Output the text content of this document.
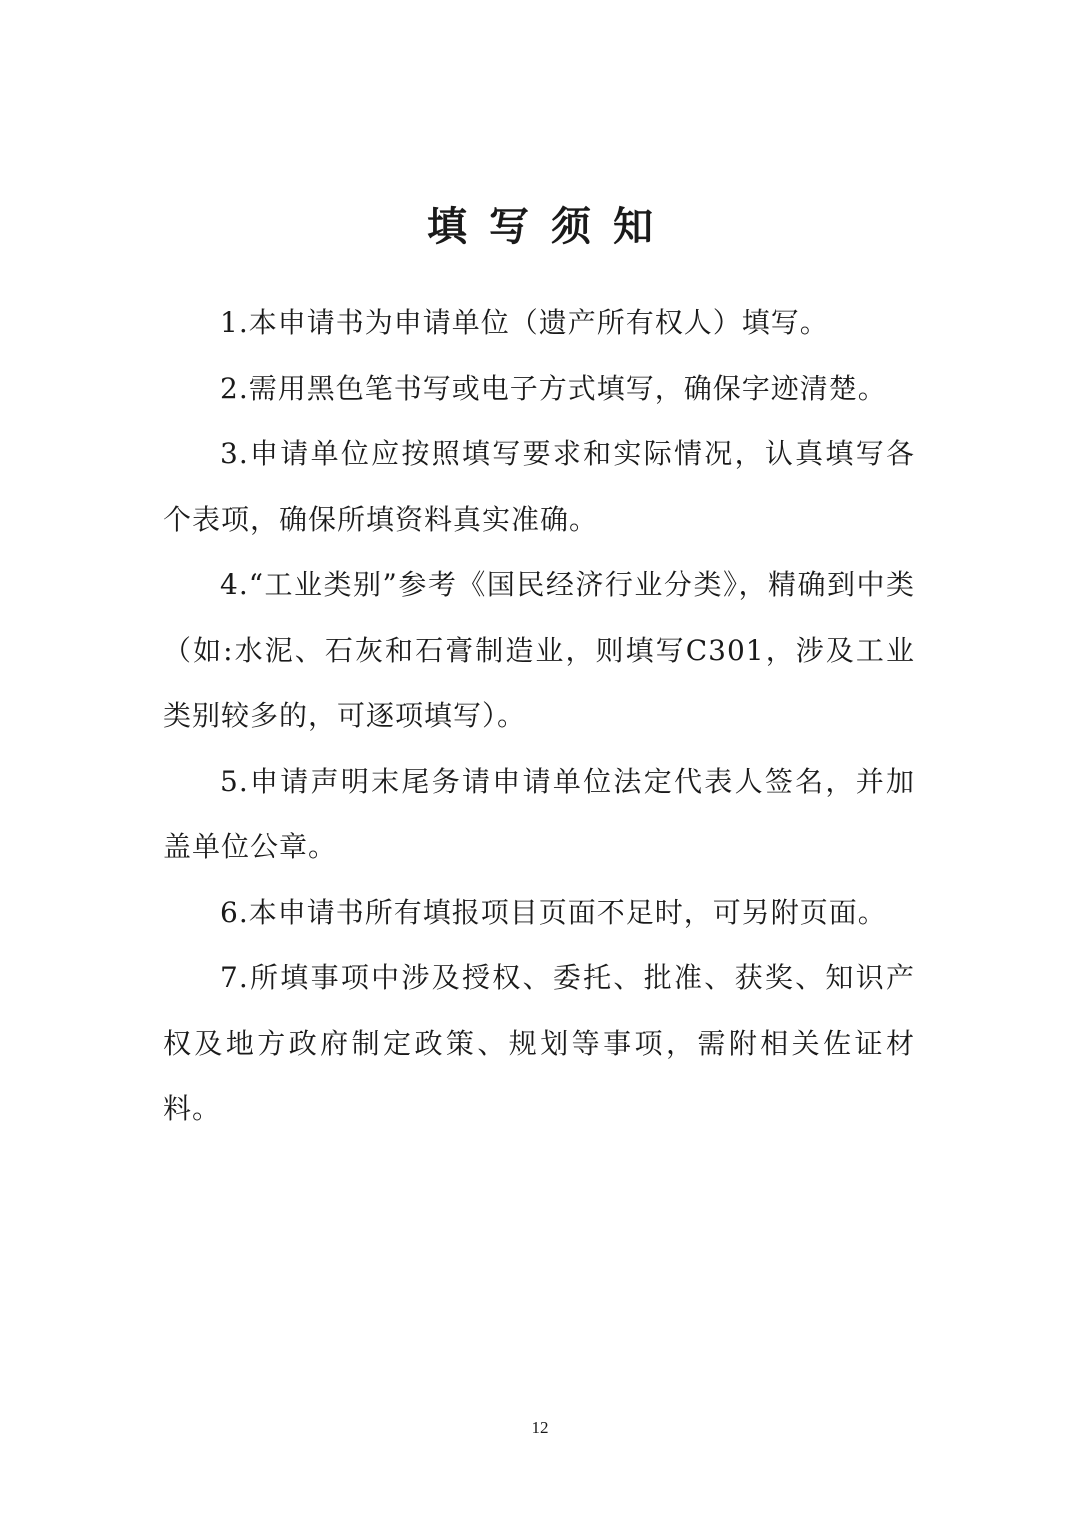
填写须知

1.本申请书为申请单位（遗产所有权人）填写。

2.需用黑色笔书写或电子方式填写，确保字迹清楚。

3.申请单位应按照填写要求和实际情况，认真填写各个表项，确保所填资料真实准确。

4.“工业类别”参考《国民经济行业分类》，精确到中类（如:水泥、石灰和石膏制造业，则填写C301，涉及工业类别较多的，可逐项填写）。

5.申请声明末尾务请申请单位法定代表人签名，并加盖单位公章。

6.本申请书所有填报项目页面不足时，可另附页面。

7.所填事项中涉及授权、委托、批准、获奖、知识产权及地方政府制定政策、规划等事项，需附相关佐证材料。

12
